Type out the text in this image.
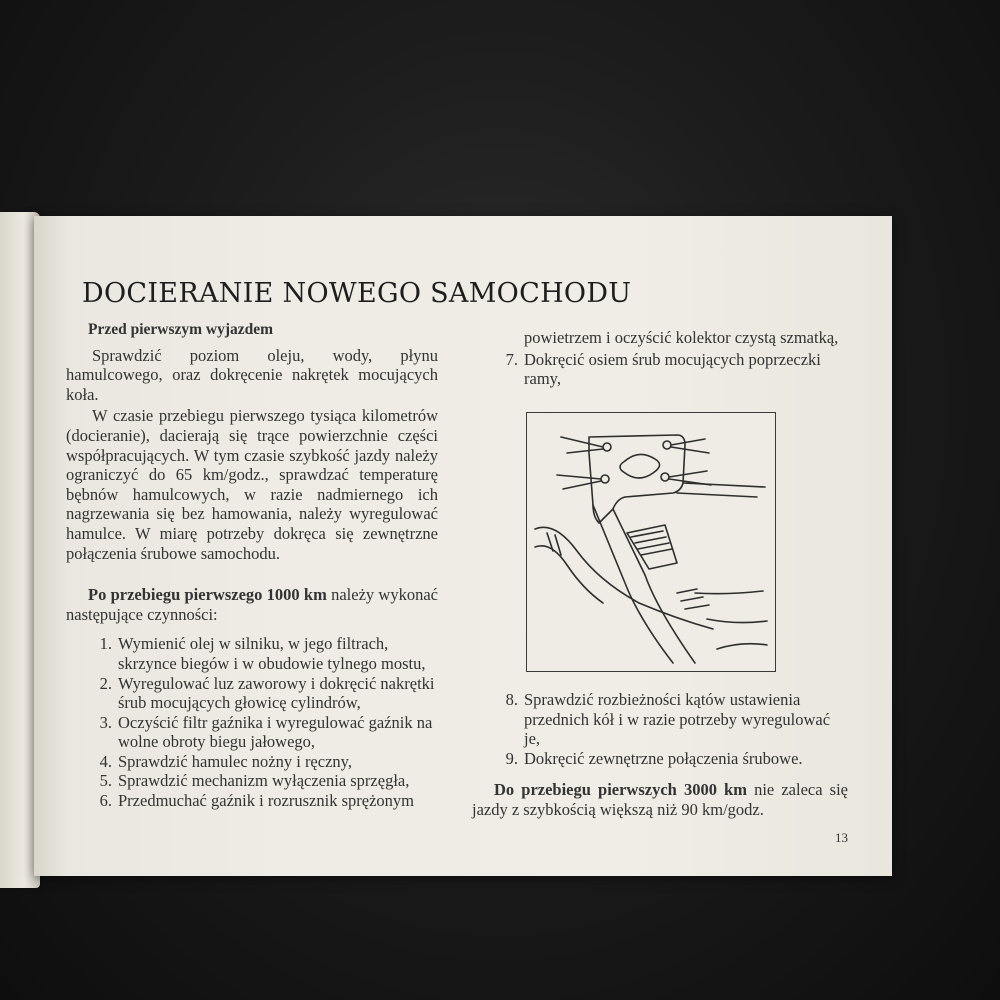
DOCIERANIE NOWEGO SAMOCHODU

Przed pierwszym wyjazdem

Sprawdzić poziom oleju, wody, płynu hamulcowego, oraz dokręcenie nakrętek mocujących koła.

W czasie przebiegu pierwszego tysiąca kilometrów (docieranie), dacierają się trące powierzchnie części współpracujących. W tym czasie szybkość jazdy należy ograniczyć do 65 km/godz., sprawdzać temperaturę bębnów hamulcowych, w razie nadmiernego ich nagrzewania się bez hamowania, należy wyregulować hamulce. W miarę potrzeby dokręca się zewnętrzne połączenia śrubowe samochodu.

Po przebiegu pierwszego 1000 km należy wykonać następujące czynności:

1. Wymienić olej w silniku, w jego filtrach, skrzynce biegów i w obudowie tylnego mostu,
2. Wyregulować luz zaworowy i dokręcić nakrętki śrub mocujących głowicę cylindrów,
3. Oczyścić filtr gaźnika i wyregulować gaźnik na wolne obroty biegu jałowego,
4. Sprawdzić hamulec nożny i ręczny,
5. Sprawdzić mechanizm wyłączenia sprzęgła,
6. Przedmuchać gaźnik i rozrusznik sprężonym

powietrzem i oczyścić kolektor czystą szmatką,

7. Dokręcić osiem śrub mocujących poprzeczki ramy,
8. Sprawdzić rozbieżności kątów ustawienia przednich kół i w razie potrzeby wyregulować je,
9. Dokręcić zewnętrzne połączenia śrubowe.

Do przebiegu pierwszych 3000 km nie zaleca się jazdy z szybkością większą niż 90 km/godz.

13
